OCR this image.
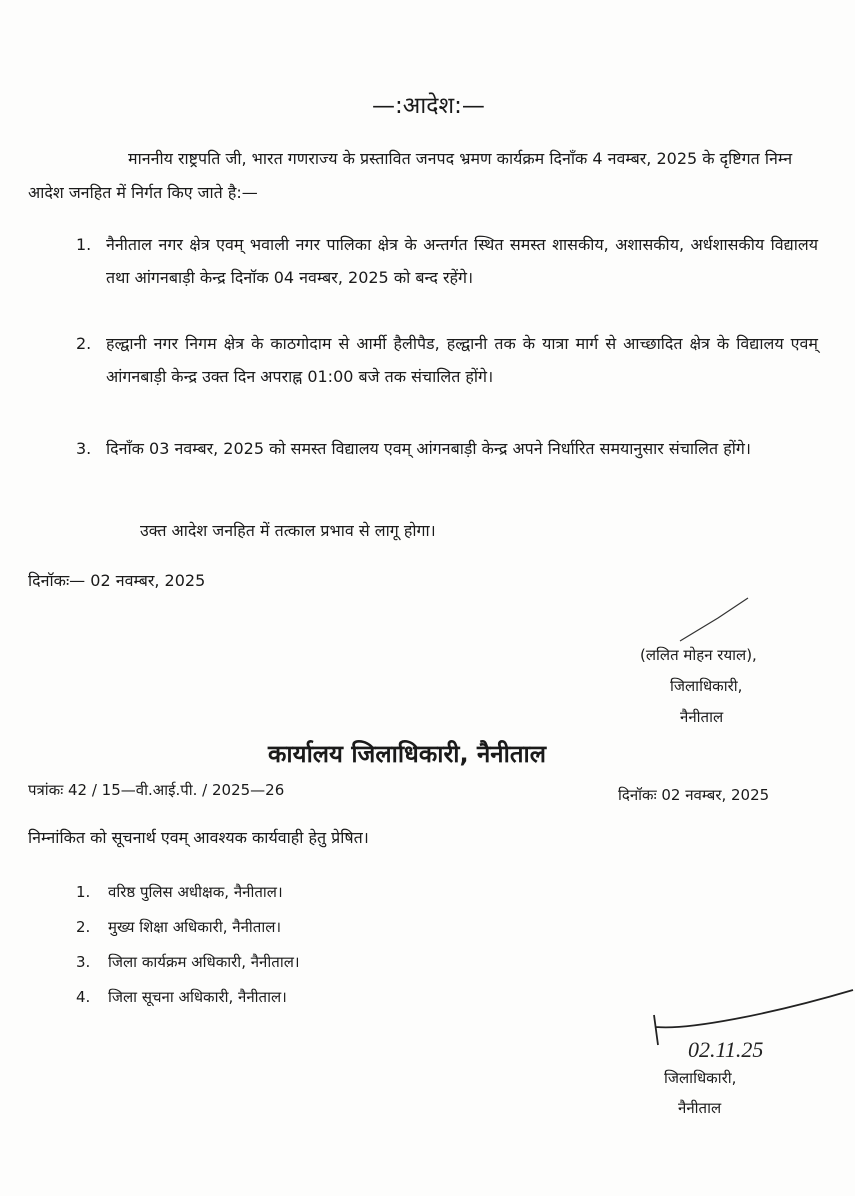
—:आदेश:—
माननीय राष्ट्रपति जी, भारत गणराज्य के प्रस्तावित जनपद भ्रमण कार्यक्रम दिनाँक 4 नवम्बर, 2025 के दृष्टिगत निम्न आदेश जनहित में निर्गत किए जाते है:—
1. नैनीताल नगर क्षेत्र एवम् भवाली नगर पालिका क्षेत्र के अन्तर्गत स्थित समस्त शासकीय, अशासकीय, अर्धशासकीय विद्यालय तथा आंगनबाड़ी केन्द्र दिनॉक 04 नवम्बर, 2025 को बन्द रहेंगे।
2. हल्द्वानी नगर निगम क्षेत्र के काठगोदाम से आर्मी हैलीपैड, हल्द्वानी तक के यात्रा मार्ग से आच्छादित क्षेत्र के विद्यालय एवम् आंगनबाड़ी केन्द्र उक्त दिन अपराह्न 01:00 बजे तक संचालित होंगे।
3. दिनाँक 03 नवम्बर, 2025 को समस्त विद्यालय एवम् आंगनबाड़ी केन्द्र अपने निर्धारित समयानुसार संचालित होंगे।
उक्त आदेश जनहित में तत्काल प्रभाव से लागू होगा।
दिनॉकः— 02 नवम्बर, 2025
(ललित मोहन रयाल),
जिलाधिकारी,
नैनीताल
कार्यालय जिलाधिकारी, नैनीताल
पत्रांकः 42 / 15—वी.आई.पी. / 2025—26	दिनॉकः 02 नवम्बर, 2025
निम्नांकित को सूचनार्थ एवम् आवश्यक कार्यवाही हेतु प्रेषित।
1. वरिष्ठ पुलिस अधीक्षक, नैनीताल।
2. मुख्य शिक्षा अधिकारी, नैनीताल।
3. जिला कार्यक्रम अधिकारी, नैनीताल।
4. जिला सूचना अधिकारी, नैनीताल।
02.11.25
जिलाधिकारी,
नैनीताल
